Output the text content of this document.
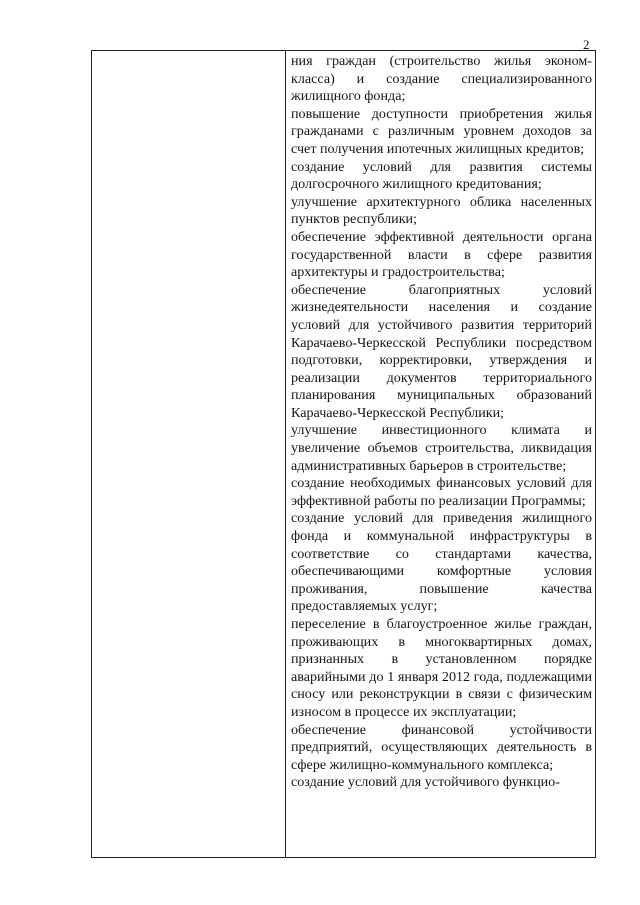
2

ния граждан (строительство жилья эконом-класса) и создание специализированного жилищного фонда;

повышение доступности приобретения жилья гражданами с различным уровнем доходов за счет получения ипотечных жилищных кредитов;

создание условий для развития системы долгосрочного жилищного кредитования;

улучшение архитектурного облика населенных пунктов республики;

обеспечение эффективной деятельности органа государственной власти в сфере развития архитектуры и градостроительства;

обеспечение благоприятных условий жизнедеятельности населения и создание условий для устойчивого развития территорий Карачаево-Черкесской Республики посредством подготовки, корректировки, утверждения и реализации документов территориального планирования муниципальных образований Карачаево-Черкесской Республики;

улучшение инвестиционного климата и увеличение объемов строительства, ликвидация административных барьеров в строительстве;

создание необходимых финансовых условий для эффективной работы по реализации Программы;

создание условий для приведения жилищного фонда и коммунальной инфраструктуры в соответствие со стандартами качества, обеспечивающими комфортные условия проживания, повышение качества предоставляемых услуг;

переселение в благоустроенное жилье граждан, проживающих в многоквартирных домах, признанных в установленном порядке аварийными до 1 января 2012 года, подлежащими сносу или реконструкции в связи с физическим износом в процессе их эксплуатации;

обеспечение финансовой устойчивости предприятий, осуществляющих деятельность в сфере жилищно-коммунального комплекса;

создание условий для устойчивого функцио-
